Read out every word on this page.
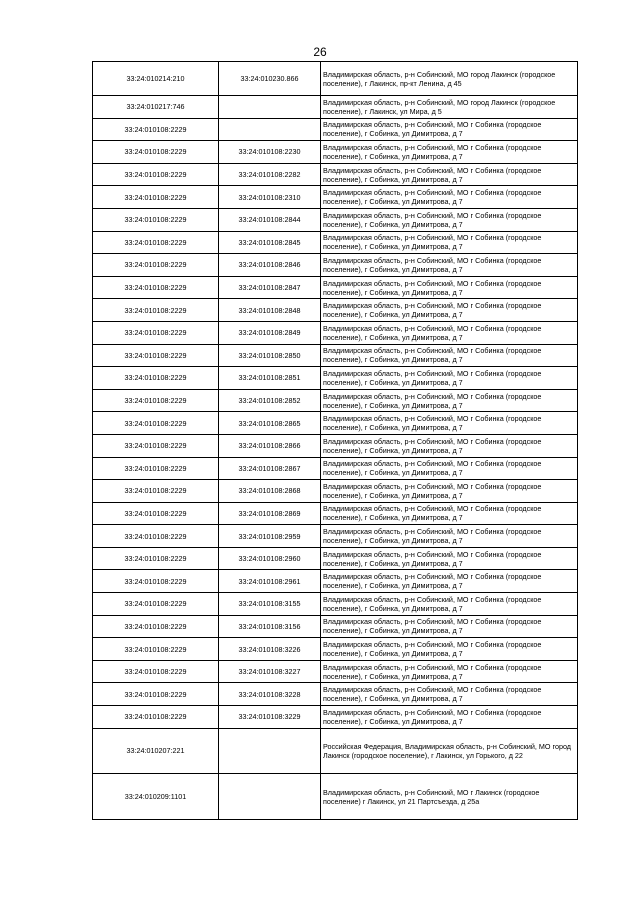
26
33:24:010214:210	33:24:010230.866	Владимирская область, р-н Собинский, МО город Лакинск (городское поселение), г Лакинск, пр-кт Ленина, д 45
33:24:010217:746		Владимирская область, р-н Собинский, МО город Лакинск (городское поселение), г Лакинск, ул Мира, д 5
33:24:010108:2229		Владимирская область, р-н Собинский, МО г Собинка (городское поселение), г Собинка, ул Димитрова, д 7
33:24:010108:2229	33:24:010108:2230	Владимирская область, р-н Собинский, МО г Собинка (городское поселение), г Собинка, ул Димитрова, д 7
33:24:010108:2229	33:24:010108:2282	Владимирская область, р-н Собинский, МО г Собинка (городское поселение), г Собинка, ул Димитрова, д 7
33:24:010108:2229	33:24:010108:2310	Владимирская область, р-н Собинский, МО г Собинка (городское поселение), г Собинка, ул Димитрова, д 7
33:24:010108:2229	33:24:010108:2844	Владимирская область, р-н Собинский, МО г Собинка (городское поселение), г Собинка, ул Димитрова, д 7
33:24:010108:2229	33:24:010108:2845	Владимирская область, р-н Собинский, МО г Собинка (городское поселение), г Собинка, ул Димитрова, д 7
33:24:010108:2229	33:24:010108:2846	Владимирская область, р-н Собинский, МО г Собинка (городское поселение), г Собинка, ул Димитрова, д 7
33:24:010108:2229	33:24:010108:2847	Владимирская область, р-н Собинский, МО г Собинка (городское поселение), г Собинка, ул Димитрова, д 7
33:24:010108:2229	33:24:010108:2848	Владимирская область, р-н Собинский, МО г Собинка (городское поселение), г Собинка, ул Димитрова, д 7
33:24:010108:2229	33:24:010108:2849	Владимирская область, р-н Собинский, МО г Собинка (городское поселение), г Собинка, ул Димитрова, д 7
33:24:010108:2229	33:24:010108:2850	Владимирская область, р-н Собинский, МО г Собинка (городское поселение), г Собинка, ул Димитрова, д 7
33:24:010108:2229	33:24:010108:2851	Владимирская область, р-н Собинский, МО г Собинка (городское поселение), г Собинка, ул Димитрова, д 7
33:24:010108:2229	33:24:010108:2852	Владимирская область, р-н Собинский, МО г Собинка (городское поселение), г Собинка, ул Димитрова, д 7
33:24:010108:2229	33:24:010108:2865	Владимирская область, р-н Собинский, МО г Собинка (городское поселение), г Собинка, ул Димитрова, д 7
33:24:010108:2229	33:24:010108:2866	Владимирская область, р-н Собинский, МО г Собинка (городское поселение), г Собинка, ул Димитрова, д 7
33:24:010108:2229	33:24:010108:2867	Владимирская область, р-н Собинский, МО г Собинка (городское поселение), г Собинка, ул Димитрова, д 7
33:24:010108:2229	33:24:010108:2868	Владимирская область, р-н Собинский, МО г Собинка (городское поселение), г Собинка, ул Димитрова, д 7
33:24:010108:2229	33:24:010108:2869	Владимирская область, р-н Собинский, МО г Собинка (городское поселение), г Собинка, ул Димитрова, д 7
33:24:010108:2229	33:24:010108:2959	Владимирская область, р-н Собинский, МО г Собинка (городское поселение), г Собинка, ул Димитрова, д 7
33:24:010108:2229	33:24:010108:2960	Владимирская область, р-н Собинский, МО г Собинка (городское поселение), г Собинка, ул Димитрова, д 7
33:24:010108:2229	33:24:010108:2961	Владимирская область, р-н Собинский, МО г Собинка (городское поселение), г Собинка, ул Димитрова, д 7
33:24:010108:2229	33:24:010108:3155	Владимирская область, р-н Собинский, МО г Собинка (городское поселение), г Собинка, ул Димитрова, д 7
33:24:010108:2229	33:24:010108:3156	Владимирская область, р-н Собинский, МО г Собинка (городское поселение), г Собинка, ул Димитрова, д 7
33:24:010108:2229	33:24:010108:3226	Владимирская область, р-н Собинский, МО г Собинка (городское поселение), г Собинка, ул Димитрова, д 7
33:24:010108:2229	33:24:010108:3227	Владимирская область, р-н Собинский, МО г Собинка (городское поселение), г Собинка, ул Димитрова, д 7
33:24:010108:2229	33:24:010108:3228	Владимирская область, р-н Собинский, МО г Собинка (городское поселение), г Собинка, ул Димитрова, д 7
33:24:010108:2229	33:24:010108:3229	Владимирская область, р-н Собинский, МО г Собинка (городское поселение), г Собинка, ул Димитрова, д 7
33:24:010207:221		Российская Федерация, Владимирская область, р-н Собинский, МО город Лакинск (городское поселение), г Лакинск, ул Горького, д 22
33:24:010209:1101		Владимирская область, р-н Собинский, МО г Лакинск (городское поселение) г Лакинск, ул 21 Партсъезда, д 25а
